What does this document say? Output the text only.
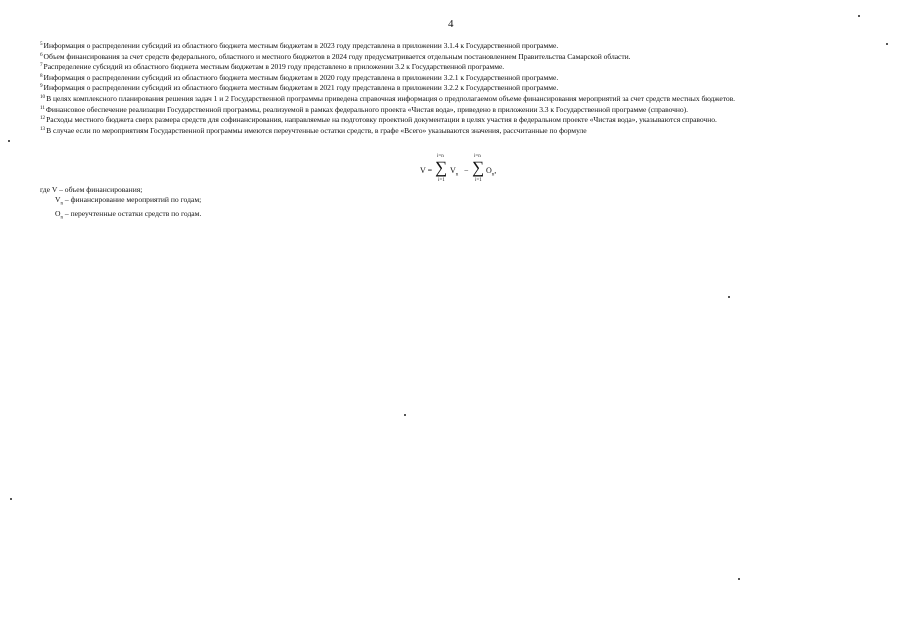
4
$^5$Информация о распределении субсидий из областного бюджета местным бюджетам в 2023 году представлена в приложении 3.1.4 к Государственной программе.
$^6$Объем финансирования за счет средств федерального, областного и местного бюджетов в 2024 году предусматривается отдельным постановлением Правительства Самарской области.
$^7$Распределение субсидий из областного бюджета местным бюджетам в 2019 году представлено в приложении 3.2 к Государственной программе.
$^8$Информация о распределении субсидий из областного бюджета местным бюджетам в 2020 году представлена в приложении 3.2.1 к Государственной программе.
$^9$Информация о распределении субсидий из областного бюджета местным бюджетам в 2021 году представлена в приложении 3.2.2 к Государственной программе.
$^{10}$В целях комплексного планирования решения задач 1 и 2 Государственной программы приведена справочная информация о предполагаемом объеме финансирования мероприятий за счет средств местных бюджетов.
$^{11}$Финансовое обеспечение реализации Государственной программы, реализуемой в рамках федерального проекта «Чистая вода», приведено в приложении 3.3 к Государственной программе (справочно).
$^{12}$Расходы местного бюджета сверх размера средств для софинансирования, направляемые на подготовку проектной документации в целях участия в федеральном проекте «Чистая вода», указываются справочно.
$^{13}$В случае если по мероприятиям Государственной программы имеются переучтенные остатки средств, в графе «Всего» указываются значения, рассчитанные по формуле
V =
i=n
∑
i=1
$V_n$
−
i=n
∑
i=1
$O_n$,
где V – объем финансирования;
$V_n$ – финансирование мероприятий по годам;
$O_n$ – переучтенные остатки средств по годам.
